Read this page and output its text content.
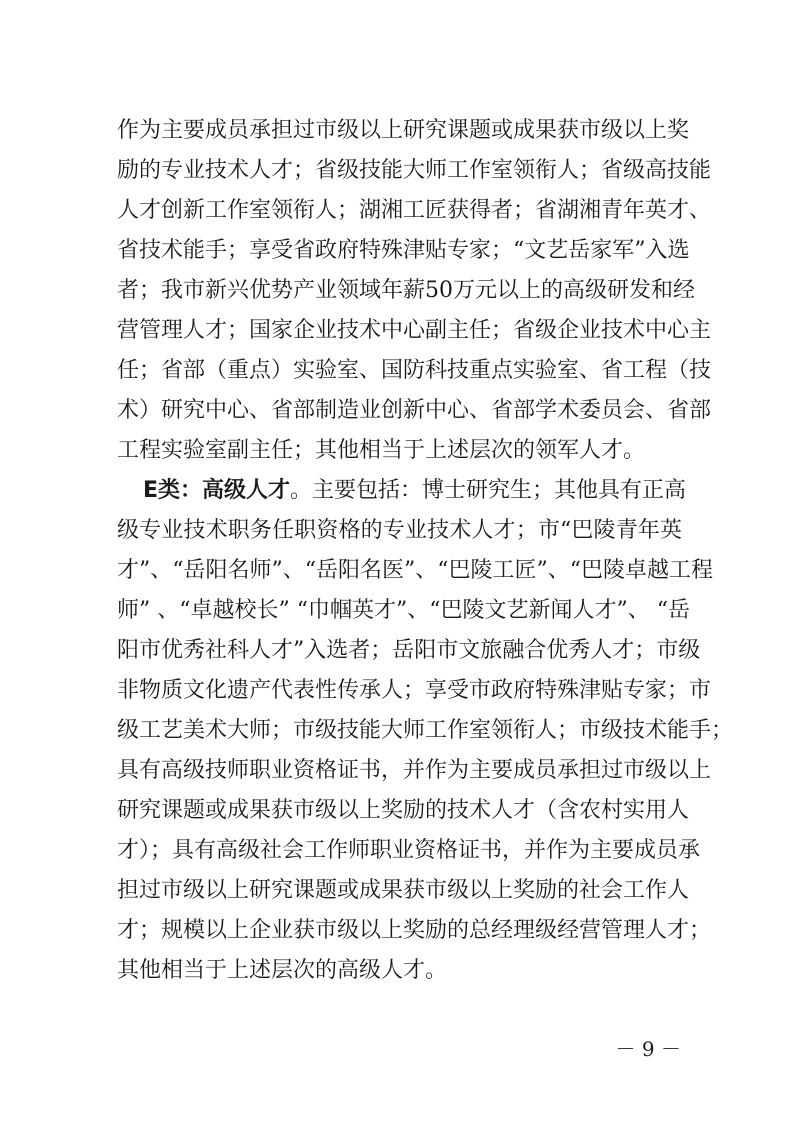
作为主要成员承担过市级以上研究课题或成果获市级以上奖
励的专业技术人才；省级技能大师工作室领衔人；省级高技能
人才创新工作室领衔人；湖湘工匠获得者；省湖湘青年英才、
省技术能手；享受省政府特殊津贴专家；“文艺岳家军”入选
者；我市新兴优势产业领域年薪50万元以上的高级研发和经
营管理人才；国家企业技术中心副主任；省级企业技术中心主
任；省部（重点）实验室、国防科技重点实验室、省工程（技
术）研究中心、省部制造业创新中心、省部学术委员会、省部
工程实验室副主任；其他相当于上述层次的领军人才。
E类：高级人才。主要包括：博士研究生；其他具有正高
级专业技术职务任职资格的专业技术人才；市“巴陵青年英
才”、“岳阳名师”、“岳阳名医”、“巴陵工匠”、“巴陵卓越工程
师” 、“卓越校长” “巾帼英才”、“巴陵文艺新闻人才”、 “岳
阳市优秀社科人才”入选者；岳阳市文旅融合优秀人才；市级
非物质文化遗产代表性传承人；享受市政府特殊津贴专家；市
级工艺美术大师；市级技能大师工作室领衔人；市级技术能手；
具有高级技师职业资格证书，并作为主要成员承担过市级以上
研究课题或成果获市级以上奖励的技术人才（含农村实用人
才）；具有高级社会工作师职业资格证书，并作为主要成员承
担过市级以上研究课题或成果获市级以上奖励的社会工作人
才；规模以上企业获市级以上奖励的总经理级经营管理人才；
其他相当于上述层次的高级人才。
－ 9 －
